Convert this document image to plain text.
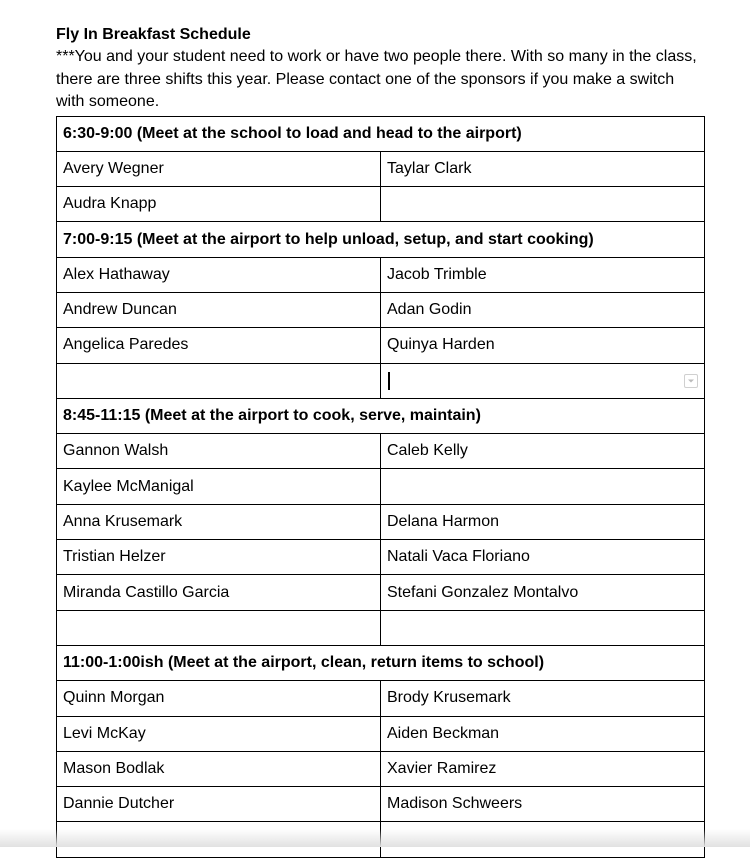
Fly In Breakfast Schedule

***You and your student need to work or have two people there. With so many in the class, there are three shifts this year. Please contact one of the sponsors if you make a switch with someone.

6:30-9:00 (Meet at the school to load and head to the airport)	
Avery Wegner	Taylar Clark
Audra Knapp	
7:00-9:15 (Meet at the airport to help unload, setup, and start cooking)	
Alex Hathaway	Jacob Trimble
Andrew Duncan	Adan Godin
Angelica Paredes	Quinya Harden

8:45-11:15 (Meet at the airport to cook, serve, maintain)	
Gannon Walsh	Caleb Kelly
Kaylee McManigal	
Anna Krusemark	Delana Harmon
Tristian Helzer	Natali Vaca Floriano
Miranda Castillo Garcia	Stefani Gonzalez Montalvo

11:00-1:00ish (Meet at the airport, clean, return items to school)	
Quinn Morgan	Brody Krusemark
Levi McKay	Aiden Beckman
Mason Bodlak	Xavier Ramirez
Dannie Dutcher	Madison Schweers
